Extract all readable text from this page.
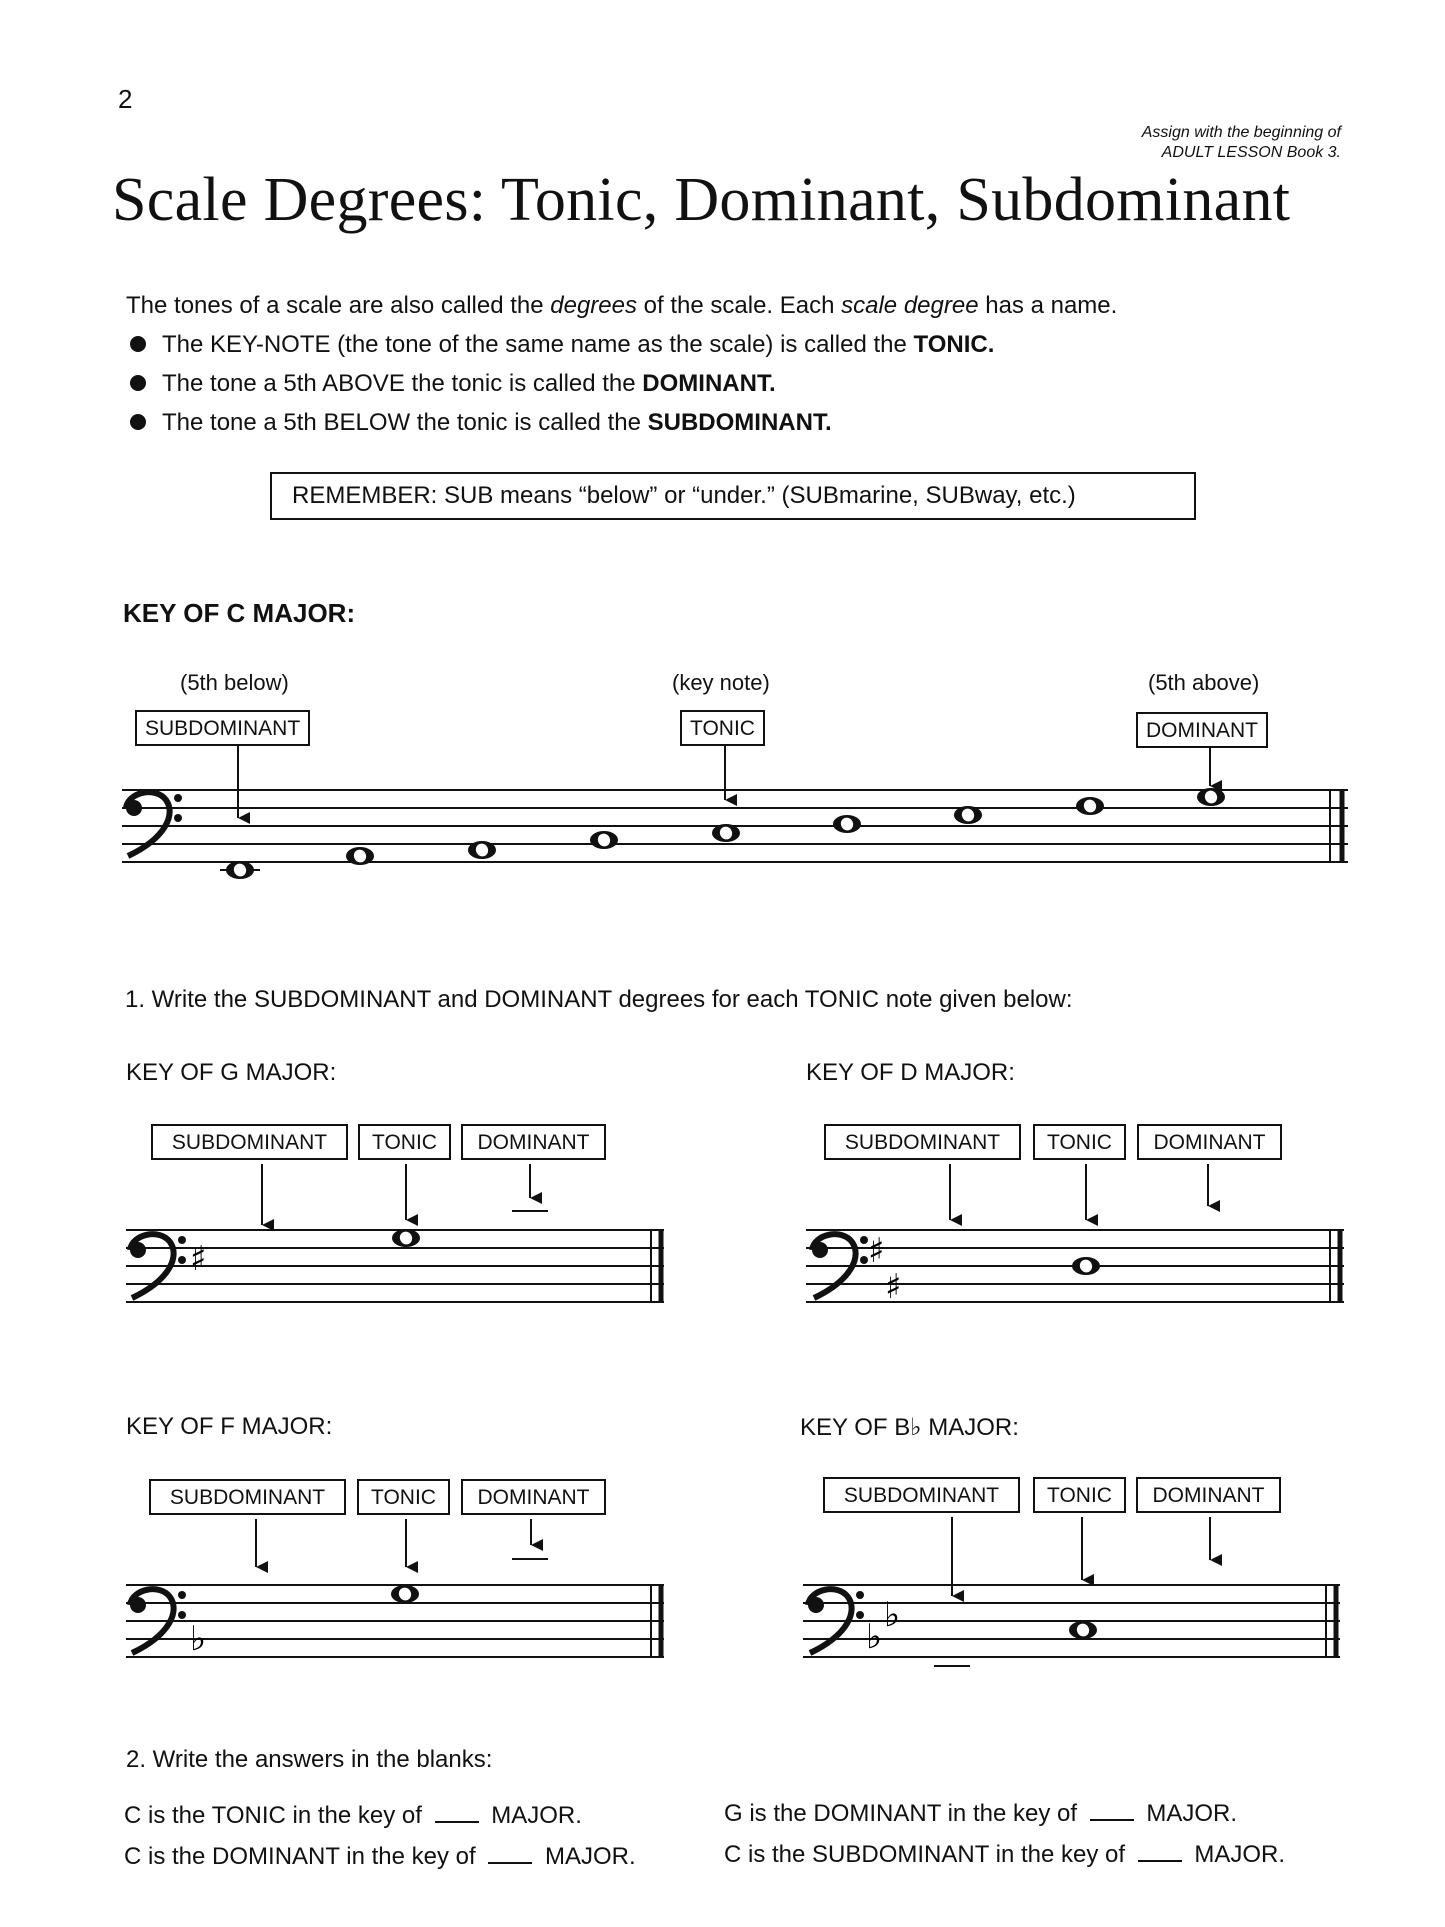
2
Assign with the beginning of
ADULT LESSON Book 3.
Scale Degrees: Tonic, Dominant, Subdominant

The tones of a scale are also called the degrees of the scale. Each scale degree has a name.

The KEY-NOTE (the tone of the same name as the scale) is called the TONIC.

The tone a 5th ABOVE the tonic is called the DOMINANT.

The tone a 5th BELOW the tonic is called the SUBDOMINANT.

REMEMBER: SUB means “below” or “under.” (SUBmarine, SUBway, etc.)
KEY OF C MAJOR:
(5th below)	(key note)	(5th above)
SUBDOMINANT	TONIC	DOMINANT
1. Write the SUBDOMINANT and DOMINANT degrees for each TONIC note given below:
KEY OF G MAJOR:	KEY OF D MAJOR:
KEY OF F MAJOR:	KEY OF B♭ MAJOR:
SUBDOMINANT	TONIC	DOMINANT	SUBDOMINANT	TONIC	DOMINANT
SUBDOMINANT	TONIC	DOMINANT	SUBDOMINANT	TONIC	DOMINANT
2. Write the answers in the blanks:
C is the TONIC in the key of  MAJOR.
C is the DOMINANT in the key of  MAJOR.
G is the DOMINANT in the key of  MAJOR.
C is the SUBDOMINANT in the key of  MAJOR.
♯	♯
♯
♭	♭
♭
